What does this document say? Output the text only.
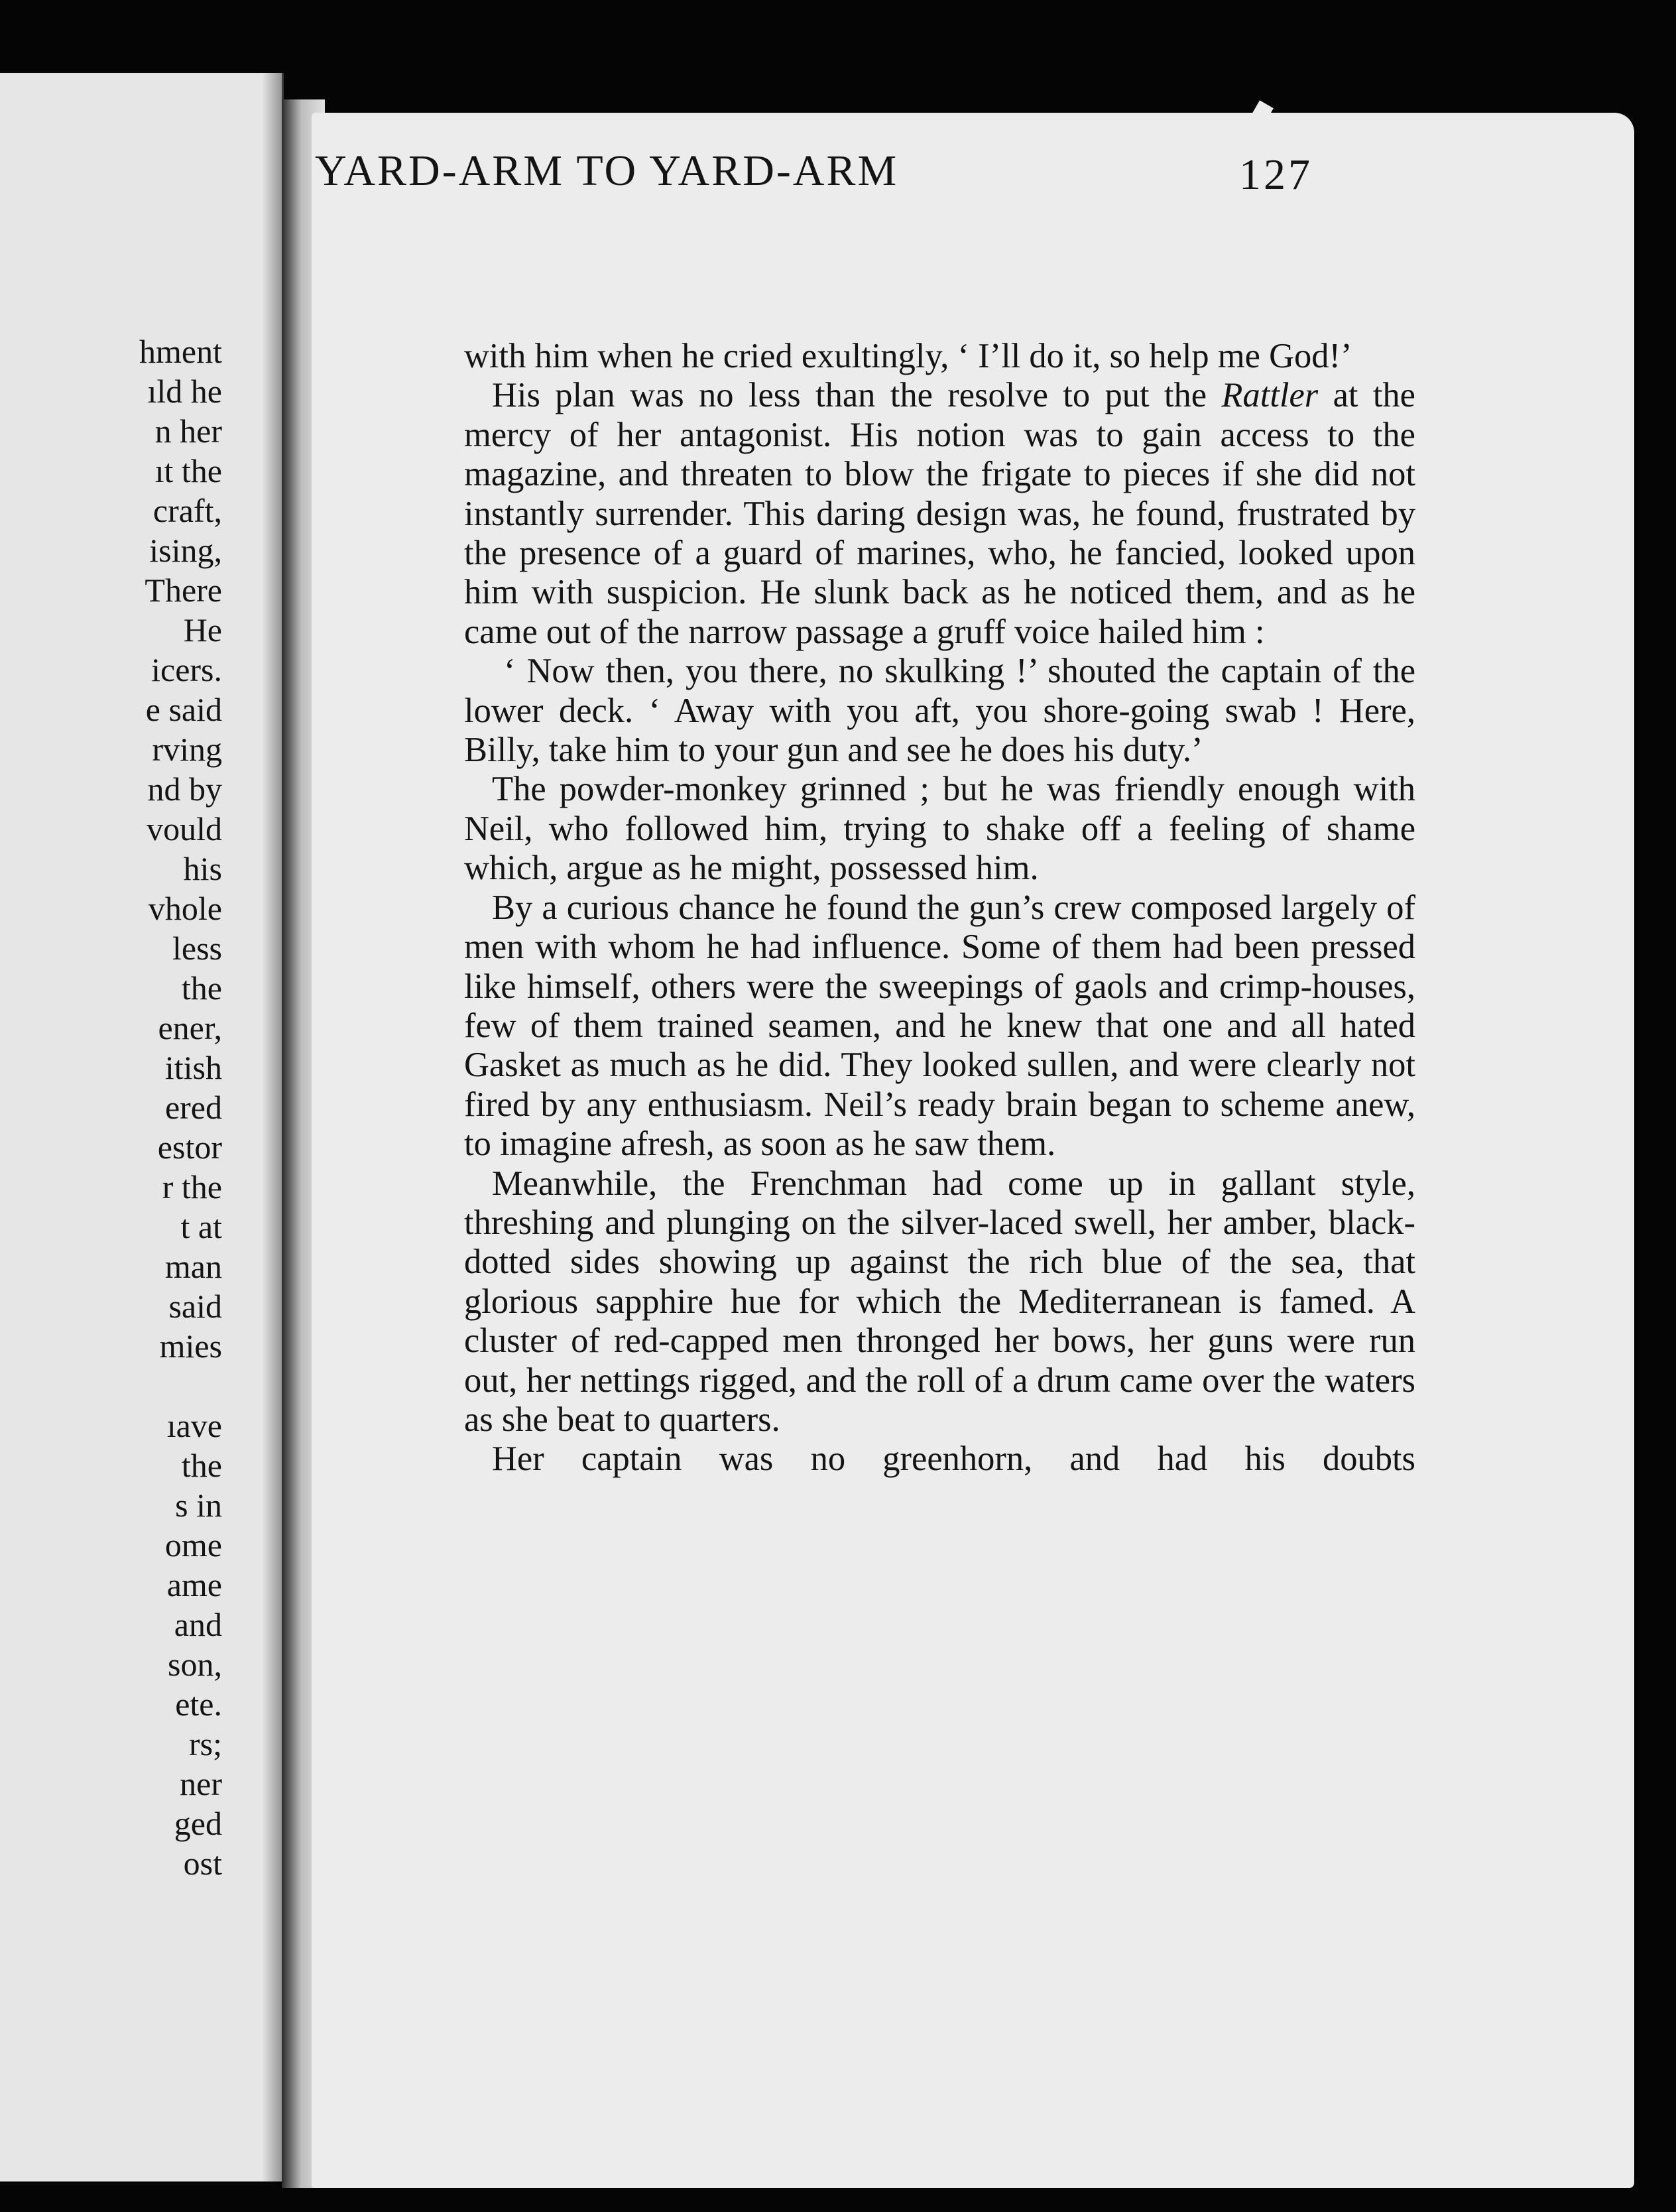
hment
ıld he
n her
ıt the
craft,
ising,
There
He
icers.
e said
rving
nd by
vould
his
vhole
less
the
ener,
itish
ered
estor
r the
t at
man
said
mies
ıave
the
s in
ome
ame
and
son,
ete.
rs;
ner
ged
ost
YARD-ARM TO YARD-ARM	127

with him when he cried exultingly, ‘ I’ll do it, so help me God!’

His plan was no less than the resolve to put the Rattler at the mercy of her antagonist. His notion was to gain access to the magazine, and threaten to blow the frigate to pieces if she did not instantly surrender. This daring design was, he found, frustrated by the presence of a guard of marines, who, he fancied, looked upon him with suspicion. He slunk back as he noticed them, and as he came out of the narrow passage a gruff voice hailed him :

‘ Now then, you there, no skulking !’ shouted the captain of the lower deck. ‘ Away with you aft, you shore-going swab ! Here, Billy, take him to your gun and see he does his duty.’

The powder-monkey grinned ; but he was friendly enough with Neil, who followed him, trying to shake off a feeling of shame which, argue as he might, possessed him.

By a curious chance he found the gun’s crew composed largely of men with whom he had influence. Some of them had been pressed like himself, others were the sweepings of gaols and crimp-houses, few of them trained seamen, and he knew that one and all hated Gasket as much as he did. They looked sullen, and were clearly not fired by any enthusiasm. Neil’s ready brain began to scheme anew, to imagine afresh, as soon as he saw them.

Meanwhile, the Frenchman had come up in gallant style, threshing and plunging on the silver-laced swell, her amber, black-dotted sides showing up against the rich blue of the sea, that glorious sapphire hue for which the Mediterranean is famed. A cluster of red-capped men thronged her bows, her guns were run out, her nettings rigged, and the roll of a drum came over the waters as she beat to quarters.

Her captain was no greenhorn, and had his doubts
